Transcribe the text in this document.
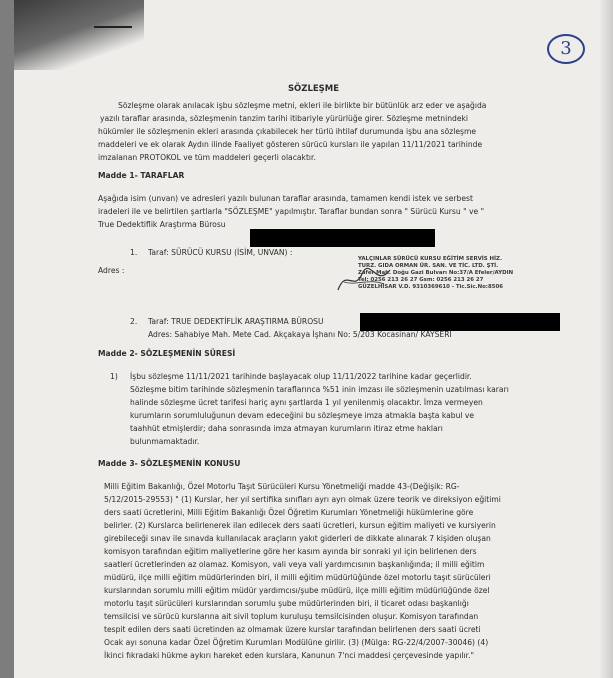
3
SÖZLEŞME
Sözleşme olarak anılacak işbu sözleşme metni, ekleri ile birlikte bir bütünlük arz eder ve aşağıda
yazılı taraflar arasında, sözleşmenin tanzim tarihi itibariyle yürürlüğe girer. Sözleşme metnindeki
hükümler ile sözleşmenin ekleri arasında çıkabilecek her türlü ihtilaf durumunda işbu ana sözleşme
maddeleri ve ek olarak Aydın ilinde Faaliyet gösteren sürücü kursları ile yapılan 11/11/2021 tarihinde
imzalanan PROTOKOL ve tüm maddeleri geçerli olacaktır.
Madde 1- TARAFLAR
Aşağıda isim (unvan) ve adresleri yazılı bulunan taraflar arasında, tamamen kendi istek ve serbest
iradeleri ile ve belirtilen şartlarla "SÖZLEŞME" yapılmıştır. Taraflar bundan sonra " Sürücü Kursu " ve "
True Dedektiflik Araştırma Bürosu
1. Taraf: SÜRÜCÜ KURSU (İSİM, UNVAN) :
Adres :
YALÇINLAR SÜRÜCÜ KURSU EĞİTİM SERVİS HİZ.
TURZ. GIDA ORMAN ÜR. SAN. VE TİC. LTD. ŞTİ.
Zafer Mah. Doğu Gazi Bulvarı No:37/A Efeler/AYDIN
Tel: 0256 213 26 27 Gsm: 0256 213 26 27
GÜZELHİSAR V.D. 9310369610 - Tic.Sic.No:8506
2. Taraf: TRUE DEDEKTİFLİK ARAŞTIRMA BÜROSU
Adres: Sahabiye Mah. Mete Cad. Akçakaya İşhanı No: 5/203 Kocasinan/ KAYSERİ
Madde 2- SÖZLEŞMENİN SÜRESİ
1) İşbu sözleşme 11/11/2021 tarihinde başlayacak olup 11/11/2022 tarihine kadar geçerlidir.
Sözleşme bitim tarihinde sözleşmenin taraflarınca %51 inin imzası ile sözleşmenin uzatılması kararı
halinde sözleşme ücret tarifesi hariç aynı şartlarda 1 yıl yenilenmiş olacaktır. İmza vermeyen
kurumların sorumluluğunun devam edeceğini bu sözleşmeye imza atmakla başta kabul ve
taahhüt etmişlerdir; daha sonrasında imza atmayan kurumların itiraz etme hakları
bulunmamaktadır.
Madde 3- SÖZLEŞMENİN KONUSU
Milli Eğitim Bakanlığı, Özel Motorlu Taşıt Sürücüleri Kursu Yönetmeliği madde 43-(Değişik: RG-
5/12/2015-29553) " (1) Kurslar, her yıl sertifika sınıfları ayrı ayrı olmak üzere teorik ve direksiyon eğitimi
ders saati ücretlerini, Milli Eğitim Bakanlığı Özel Öğretim Kurumları Yönetmeliği hükümlerine göre
belirler. (2) Kurslarca belirlenerek ilan edilecek ders saati ücretleri, kursun eğitim maliyeti ve kursiyerin
girebileceği sınav ile sınavda kullanılacak araçların yakıt giderleri de dikkate alınarak 7 kişiden oluşan
komisyon tarafından eğitim maliyetlerine göre her kasım ayında bir sonraki yıl için belirlenen ders
saatleri ücretlerinden az olamaz. Komisyon, vali veya vali yardımcısının başkanlığında; il milli eğitim
müdürü, ilçe milli eğitim müdürlerinden biri, il milli eğitim müdürlüğünde özel motorlu taşıt sürücüleri
kurslarından sorumlu milli eğitim müdür yardımcısı/şube müdürü, ilçe milli eğitim müdürlüğünde özel
motorlu taşıt sürücüleri kurslarından sorumlu şube müdürlerinden biri, il ticaret odası başkanlığı
temsilcisi ve sürücü kurslarına ait sivil toplum kuruluşu temsilcisinden oluşur. Komisyon tarafından
tespit edilen ders saati ücretinden az olmamak üzere kurslar tarafından belirlenen ders saati ücreti
Ocak ayı sonuna kadar Özel Öğretim Kurumları Modülüne girilir. (3) (Mülga: RG-22/4/2007-30046) (4)
İkinci fıkradaki hükme aykırı hareket eden kurslara, Kanunun 7'nci maddesi çerçevesinde yapılır."
